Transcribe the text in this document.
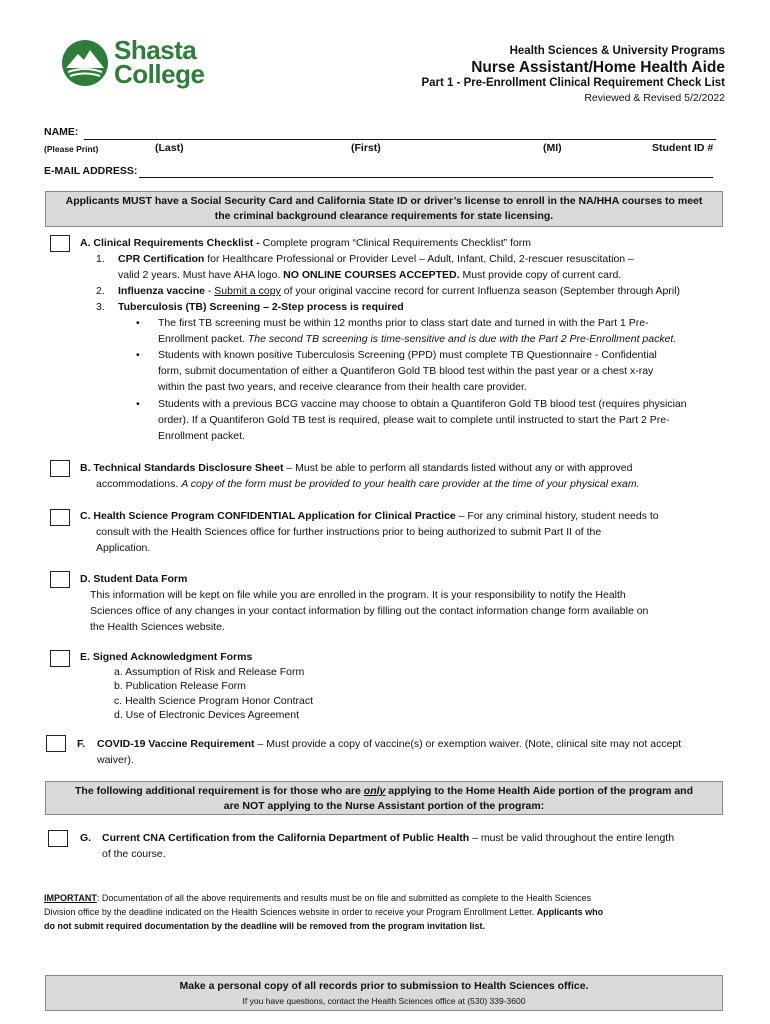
Shasta
College
Health Sciences & University Programs
Nurse Assistant/Home Health Aide
Part 1 - Pre-Enrollment Clinical Requirement Check List
Reviewed & Revised 5/2/2022
NAME:
(Please Print)	(Last)	(First)	(MI)	Student ID #
E-MAIL ADDRESS:
Applicants MUST have a Social Security Card and California State ID or driver’s license to enroll in the NA/HHA courses to meet
the criminal background clearance requirements for state licensing.
A. Clinical Requirements Checklist - Complete program “Clinical Requirements Checklist” form
1. CPR Certification for Healthcare Professional or Provider Level – Adult, Infant, Child, 2-rescuer resuscitation –
valid 2 years. Must have AHA logo. NO ONLINE COURSES ACCEPTED. Must provide copy of current card.
2. Influenza vaccine - Submit a copy of your original vaccine record for current Influenza season (September through April)
3. Tuberculosis (TB) Screening – 2-Step process is required
The first TB screening must be within 12 months prior to class start date and turned in with the Part 1 Pre-
Enrollment packet. The second TB screening is time-sensitive and is due with the Part 2 Pre-Enrollment packet.
Students with known positive Tuberculosis Screening (PPD) must complete TB Questionnaire - Confidential
form, submit documentation of either a Quantiferon Gold TB blood test within the past year or a chest x-ray
within the past two years, and receive clearance from their health care provider.
Students with a previous BCG vaccine may choose to obtain a Quantiferon Gold TB blood test (requires physician
order). If a Quantiferon Gold TB test is required, please wait to complete until instructed to start the Part 2 Pre-
Enrollment packet.
B. Technical Standards Disclosure Sheet – Must be able to perform all standards listed without any or with approved
accommodations. A copy of the form must be provided to your health care provider at the time of your physical exam.
C. Health Science Program CONFIDENTIAL Application for Clinical Practice – For any criminal history, student needs to
consult with the Health Sciences office for further instructions prior to being authorized to submit Part II of the
Application.
D. Student Data Form
This information will be kept on file while you are enrolled in the program. It is your responsibility to notify the Health
Sciences office of any changes in your contact information by filling out the contact information change form available on
the Health Sciences website.
E. Signed Acknowledgment Forms
a. Assumption of Risk and Release Form
b. Publication Release Form
c. Health Science Program Honor Contract
d. Use of Electronic Devices Agreement
F. COVID-19 Vaccine Requirement – Must provide a copy of vaccine(s) or exemption waiver. (Note, clinical site may not accept
waiver).
The following additional requirement is for those who are only applying to the Home Health Aide portion of the program and
are NOT applying to the Nurse Assistant portion of the program:
G. Current CNA Certification from the California Department of Public Health – must be valid throughout the entire length
of the course.
IMPORTANT: Documentation of all the above requirements and results must be on file and submitted as complete to the Health Sciences
Division office by the deadline indicated on the Health Sciences website in order to receive your Program Enrollment Letter. Applicants who
do not submit required documentation by the deadline will be removed from the program invitation list.
Make a personal copy of all records prior to submission to Health Sciences office.
If you have questions, contact the Health Sciences office at (530) 339-3600
